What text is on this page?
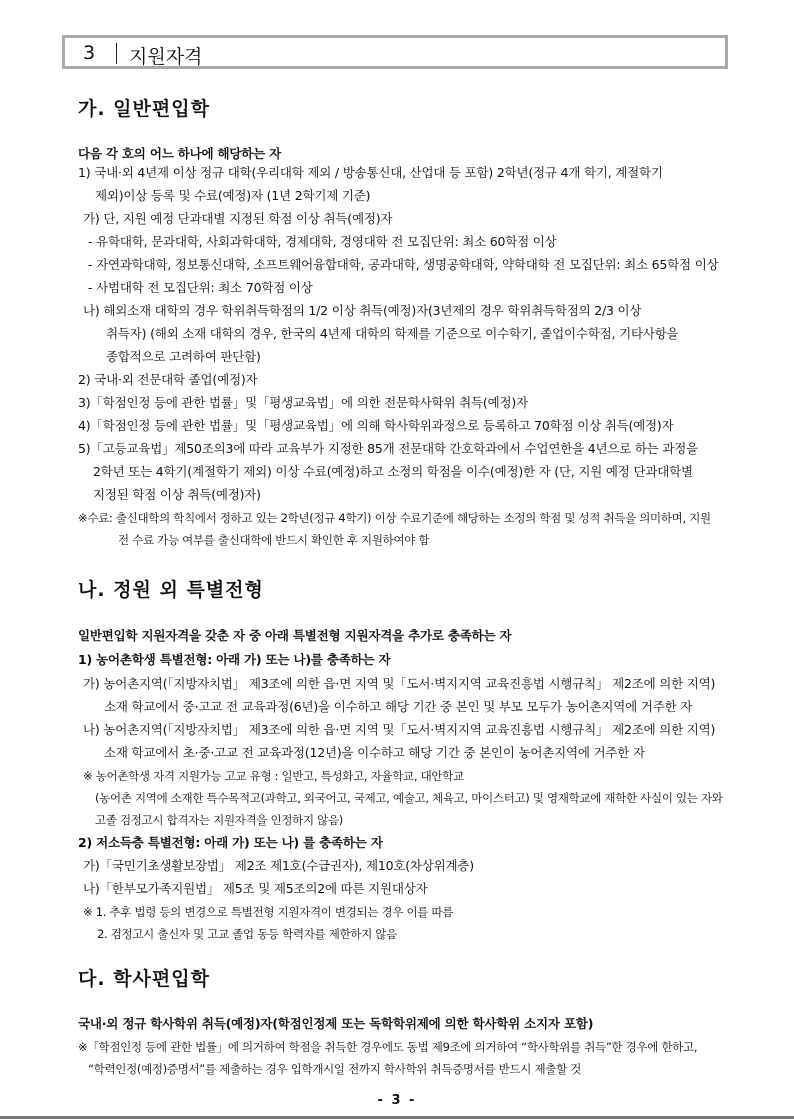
3 지원자격
가. 일반편입학
다음 각 호의 어느 하나에 해당하는 자
1) 국내·외 4년제 이상 정규 대학(우리대학 제외 / 방송통신대, 산업대 등 포함) 2학년(정규 4개 학기, 계절학기
제외)이상 등록 및 수료(예정)자 (1년 2학기제 기준)
가) 단, 지원 예정 단과대별 지정된 학점 이상 취득(예정)자
- 유학대학, 문과대학, 사회과학대학, 경제대학, 경영대학 전 모집단위: 최소 60학점 이상
- 자연과학대학, 정보통신대학, 소프트웨어융합대학, 공과대학, 생명공학대학, 약학대학 전 모집단위: 최소 65학점 이상
- 사범대학 전 모집단위: 최소 70학점 이상
나) 해외소재 대학의 경우 학위취득학점의 1/2 이상 취득(예정)자(3년제의 경우 학위취득학점의 2/3 이상
취득자) (해외 소재 대학의 경우, 한국의 4년제 대학의 학제를 기준으로 이수학기, 졸업이수학점, 기타사항을
종합적으로 고려하여 판단함)
2) 국내·외 전문대학 졸업(예정)자
3)「학점인정 등에 관한 법률」및「평생교육법」에 의한 전문학사학위 취득(예정)자
4)「학점인정 등에 관한 법률」및「평생교육법」에 의해 학사학위과정으로 등록하고 70학점 이상 취득(예정)자
5)「고등교육법」제50조의3에 따라 교육부가 지정한 85개 전문대학 간호학과에서 수업연한을 4년으로 하는 과정을
2학년 또는 4학기(계절학기 제외) 이상 수료(예정)하고 소정의 학점을 이수(예정)한 자 (단, 지원 예정 단과대학별
지정된 학점 이상 취득(예정)자)
※수료: 출신대학의 학칙에서 정하고 있는 2학년(정규 4학기) 이상 수료기준에 해당하는 소정의 학점 및 성적 취득을 의미하며, 지원
전 수료 가능 여부를 출신대학에 반드시 확인한 후 지원하여야 함
나. 정원 외 특별전형
일반편입학 지원자격을 갖춘 자 중 아래 특별전형 지원자격을 추가로 충족하는 자
1) 농어촌학생 특별전형: 아래 가) 또는 나)를 충족하는 자
가) 농어촌지역(「지방자치법」 제3조에 의한 읍·면 지역 및「도서·벽지지역 교육진흥법 시행규칙」 제2조에 의한 지역)
소재 학교에서 중·고교 전 교육과정(6년)을 이수하고 해당 기간 중 본인 및 부모 모두가 농어촌지역에 거주한 자
나) 농어촌지역(「지방자치법」 제3조에 의한 읍·면 지역 및「도서·벽지지역 교육진흥법 시행규칙」 제2조에 의한 지역)
소재 학교에서 초·중·고교 전 교육과정(12년)을 이수하고 해당 기간 중 본인이 농어촌지역에 거주한 자
※ 농어촌학생 자격 지원가능 고교 유형 : 일반고, 특성화고, 자율학교, 대안학교
(농어촌 지역에 소재한 특수목적고(과학고, 외국어고, 국제고, 예술고, 체육고, 마이스터고) 및 영재학교에 재학한 사실이 있는 자와
고졸 검정고시 합격자는 지원자격을 인정하지 않음)
2) 저소득층 특별전형: 아래 가) 또는 나) 를 충족하는 자
가)「국민기초생활보장법」 제2조 제1호(수급권자), 제10호(차상위계층)
나)「한부모가족지원법」 제5조 및 제5조의2에 따른 지원대상자
※ 1. 추후 법령 등의 변경으로 특별전형 지원자격이 변경되는 경우 이를 따름
2. 검정고시 출신자 및 고교 졸업 동등 학력자를 제한하지 않음
다. 학사편입학
국내·외 정규 학사학위 취득(예정)자(학점인정제 또는 독학학위제에 의한 학사학위 소지자 포함)
※「학점인정 등에 관한 법률」에 의거하여 학점을 취득한 경우에도 동법 제9조에 의거하여 “학사학위를 취득”한 경우에 한하고,
“학력인정(예정)증명서”를 제출하는 경우 입학개시일 전까지 학사학위 취득증명서를 반드시 제출할 것
- 3 -
